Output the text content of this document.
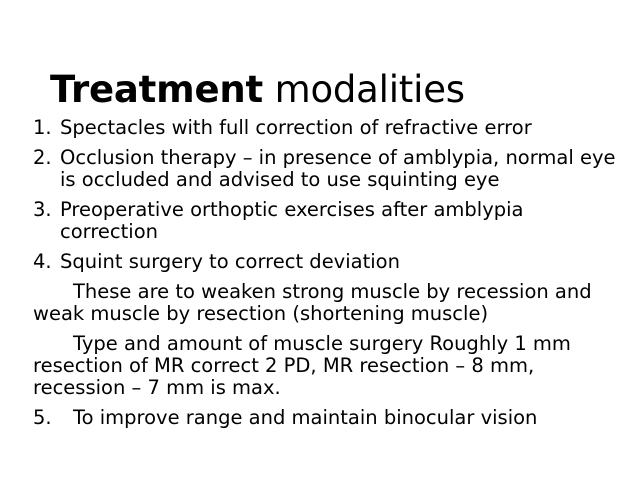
Treatment modalities
1. Spectacles with full correction of refractive error
2. Occlusion therapy – in presence of amblypia, normal eye is occluded and advised to use squinting eye
3. Preoperative orthoptic exercises after amblypia correction
4. Squint surgery to correct deviation
These are to weaken strong muscle by recession and weak muscle by resection (shortening muscle)
Type and amount of muscle surgery Roughly 1 mm resection of MR correct 2 PD, MR resection – 8 mm, recession – 7 mm is max.
5. To improve range and maintain binocular vision
